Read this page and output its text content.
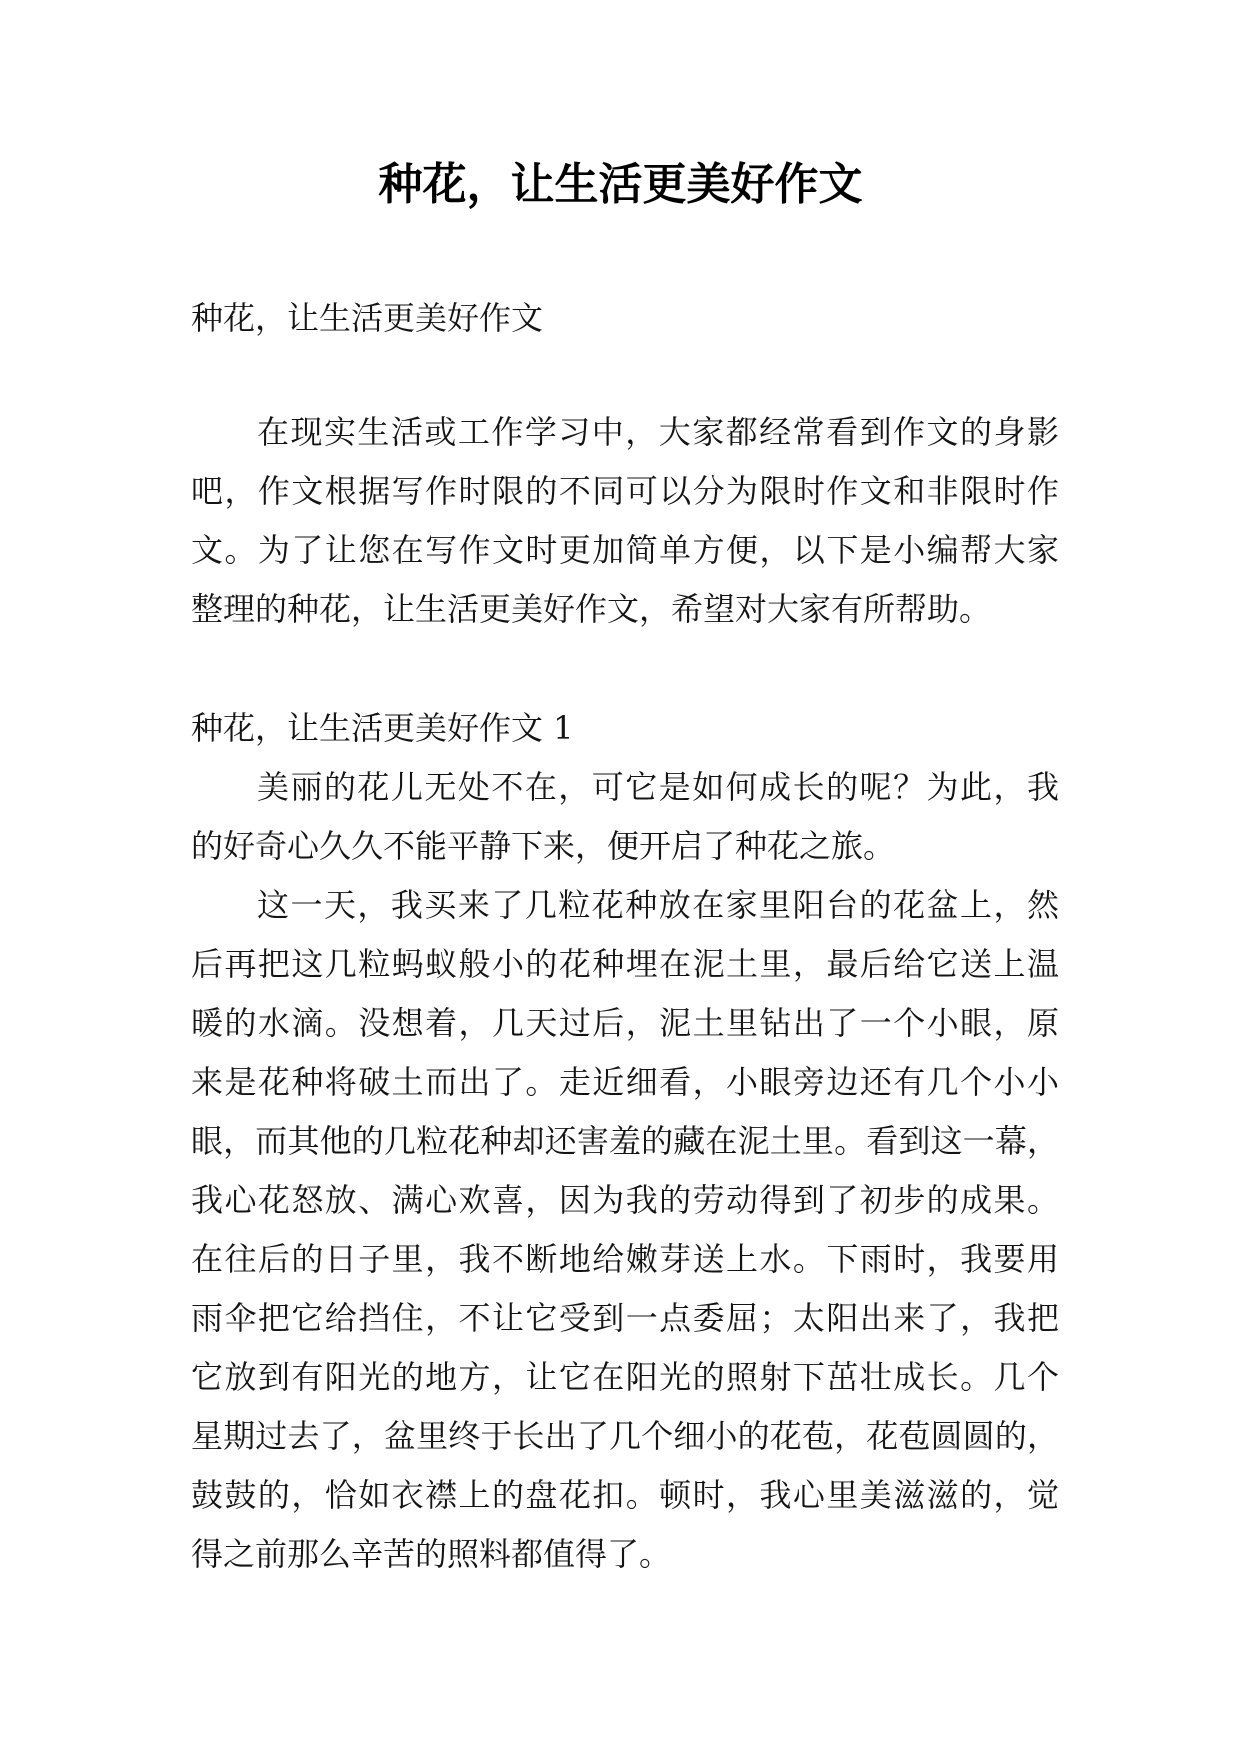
种花，让生活更美好作文
种花，让生活更美好作文
在现实生活或工作学习中，大家都经常看到作文的身影
吧，作文根据写作时限的不同可以分为限时作文和非限时作
文。为了让您在写作文时更加简单方便，以下是小编帮大家
整理的种花，让生活更美好作文，希望对大家有所帮助。
种花，让生活更美好作文 1
美丽的花儿无处不在，可它是如何成长的呢？为此，我
的好奇心久久不能平静下来，便开启了种花之旅。
这一天，我买来了几粒花种放在家里阳台的花盆上，然
后再把这几粒蚂蚁般小的花种埋在泥土里，最后给它送上温
暖的水滴。没想着，几天过后，泥土里钻出了一个小眼，原
来是花种将破土而出了。走近细看，小眼旁边还有几个小小
眼，而其他的几粒花种却还害羞的藏在泥土里。看到这一幕，
我心花怒放、满心欢喜，因为我的劳动得到了初步的成果。
在往后的日子里，我不断地给嫩芽送上水。下雨时，我要用
雨伞把它给挡住，不让它受到一点委屈；太阳出来了，我把
它放到有阳光的地方，让它在阳光的照射下茁壮成长。几个
星期过去了，盆里终于长出了几个细小的花苞，花苞圆圆的，
鼓鼓的，恰如衣襟上的盘花扣。顿时，我心里美滋滋的，觉
得之前那么辛苦的照料都值得了。
